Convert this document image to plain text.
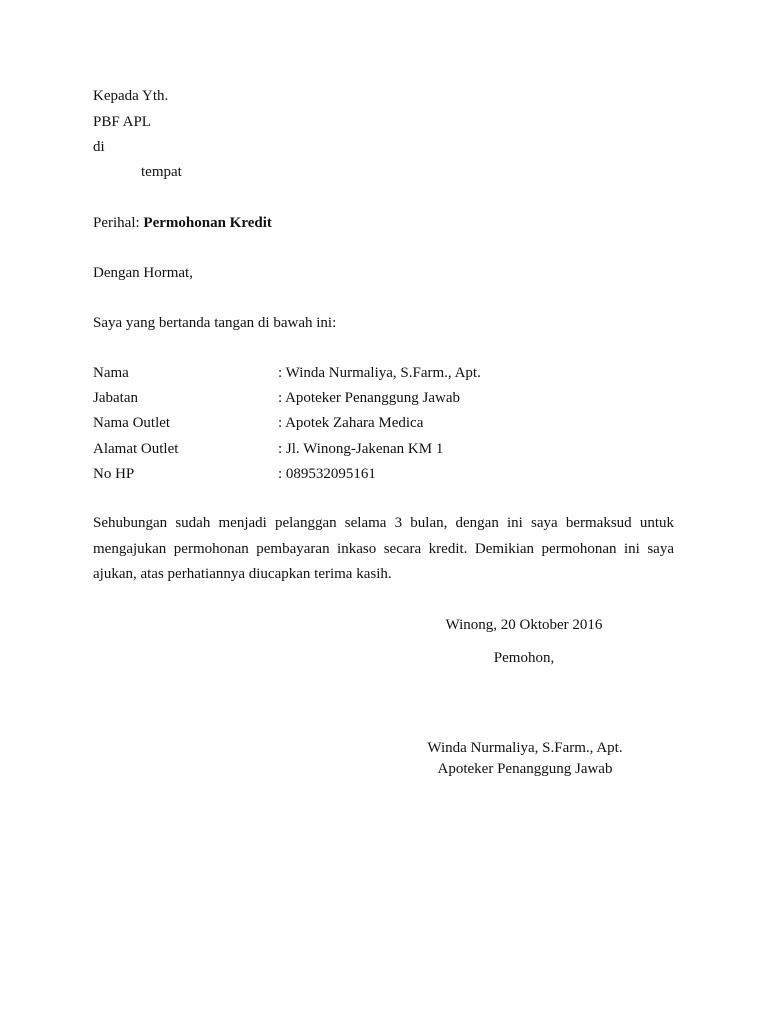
Kepada Yth.
PBF APL
di
tempat
Perihal: Permohonan Kredit
Dengan Hormat,
Saya yang bertanda tangan di bawah ini:
Nama	: Winda Nurmaliya, S.Farm., Apt.
Jabatan	: Apoteker Penanggung Jawab
Nama Outlet	: Apotek Zahara Medica
Alamat Outlet	: Jl. Winong-Jakenan KM 1
No HP	: 089532095161
Sehubungan sudah menjadi pelanggan selama 3 bulan, dengan ini saya bermaksud untuk
mengajukan permohonan pembayaran inkaso secara kredit. Demikian permohonan ini saya
ajukan, atas perhatiannya diucapkan terima kasih.
Winong, 20 Oktober 2016
Pemohon,
Winda Nurmaliya, S.Farm., Apt.
Apoteker Penanggung Jawab
